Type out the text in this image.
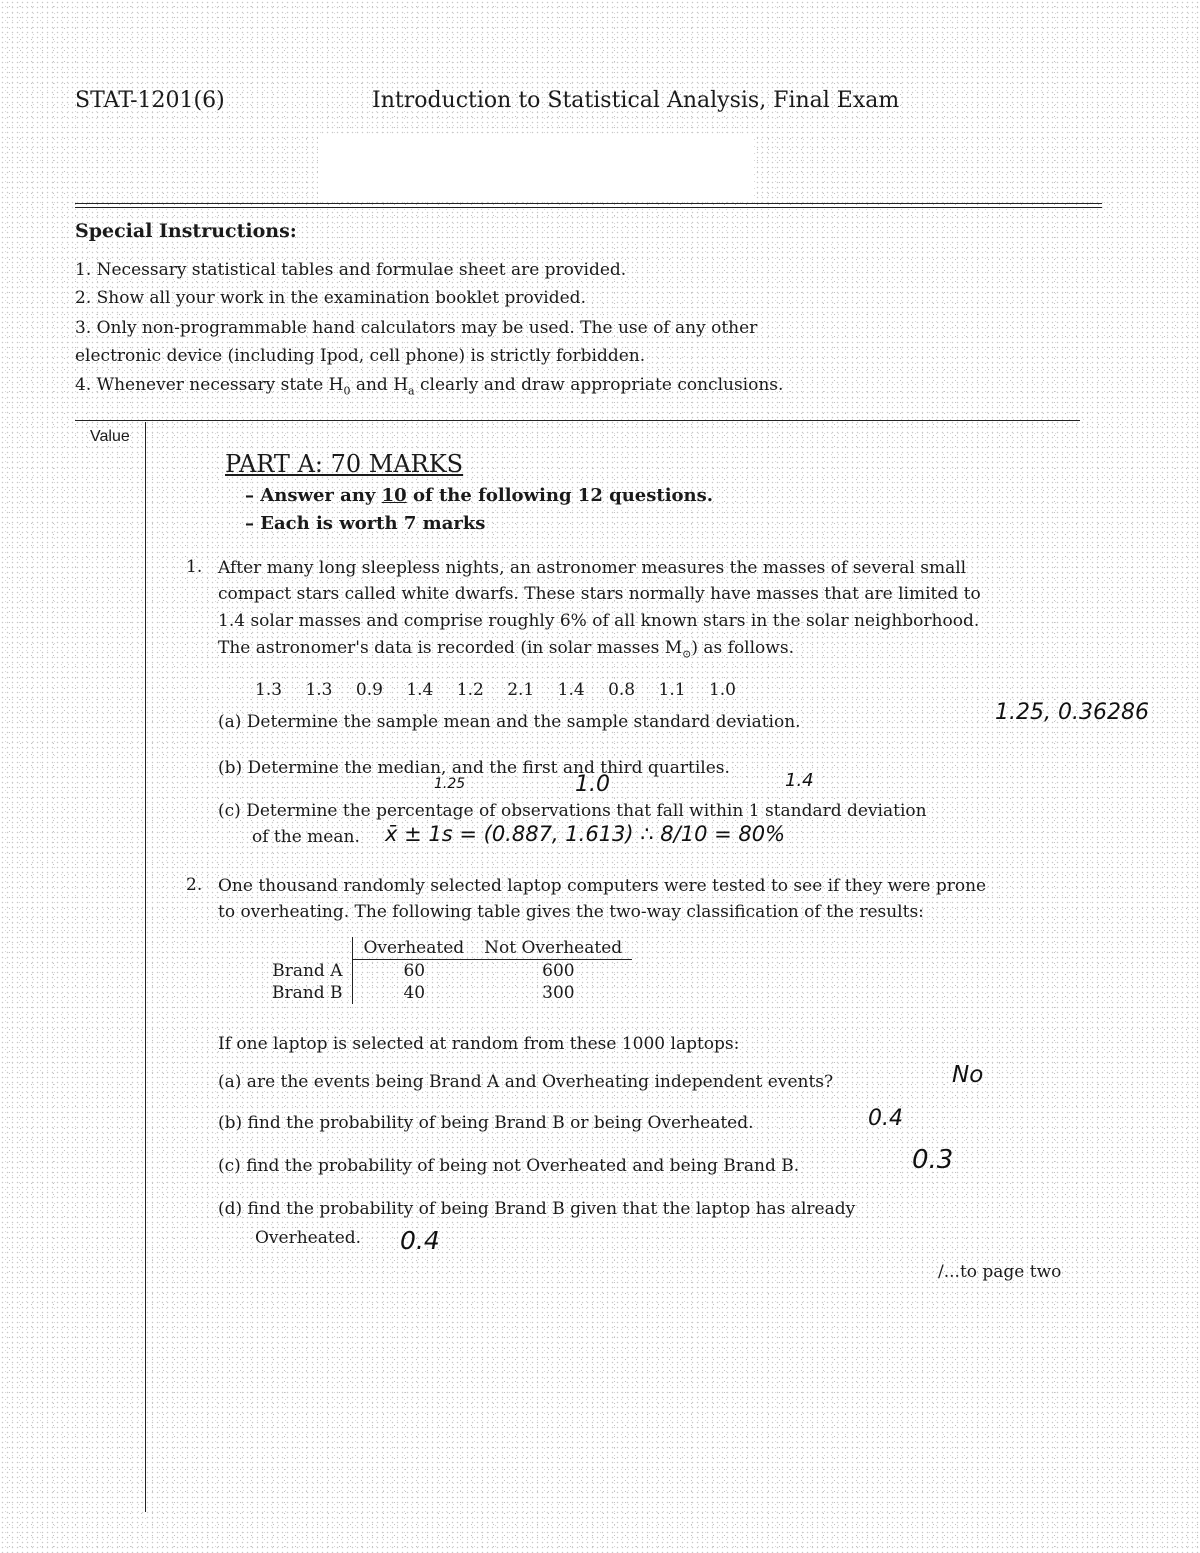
STAT-1201(6)	Introduction to Statistical Analysis, Final Exam
Special Instructions:
1. Necessary statistical tables and formulae sheet are provided.
2. Show all your work in the examination booklet provided.
3. Only non-programmable hand calculators may be used. The use of any other
electronic device (including Ipod, cell phone) is strictly forbidden.
4. Whenever necessary state $H_0$ and $H_a$ clearly and draw appropriate conclusions.
Value
PART A: 70 MARKS
– Answer any 10 of the following 12 questions.
– Each is worth 7 marks
1. After many long sleepless nights, an astronomer measures the masses of several small
compact stars called white dwarfs. These stars normally have masses that are limited to
1.4 solar masses and comprise roughly 6% of all known stars in the solar neighborhood.
The astronomer's data is recorded (in solar masses $M_⊙$) as follows.
1.3 1.3 0.9 1.4 1.2 2.1 1.4 0.8 1.1 1.0
(a) Determine the sample mean and the sample standard deviation.	1.25, 0.36286
(b) Determine the median, and the first and third quartiles.
1.25	1.0	1.4
(c) Determine the percentage of observations that fall within 1 standard deviation
of the mean. x̄ ± 1s = (0.887, 1.613) ∴ 8/10 = 80%
2. One thousand randomly selected laptop computers were tested to see if they were prone
to overheating. The following table gives the two-way classification of the results:
	Overheated	Not Overheated
Brand A	60	600
Brand B	40	300
If one laptop is selected at random from these 1000 laptops:
(a) are the events being Brand A and Overheating independent events?	No
(b) find the probability of being Brand B or being Overheated.	0.4
(c) find the probability of being not Overheated and being Brand B.	0.3
(d) find the probability of being Brand B given that the laptop has already
Overheated. 0.4
/...to page two
